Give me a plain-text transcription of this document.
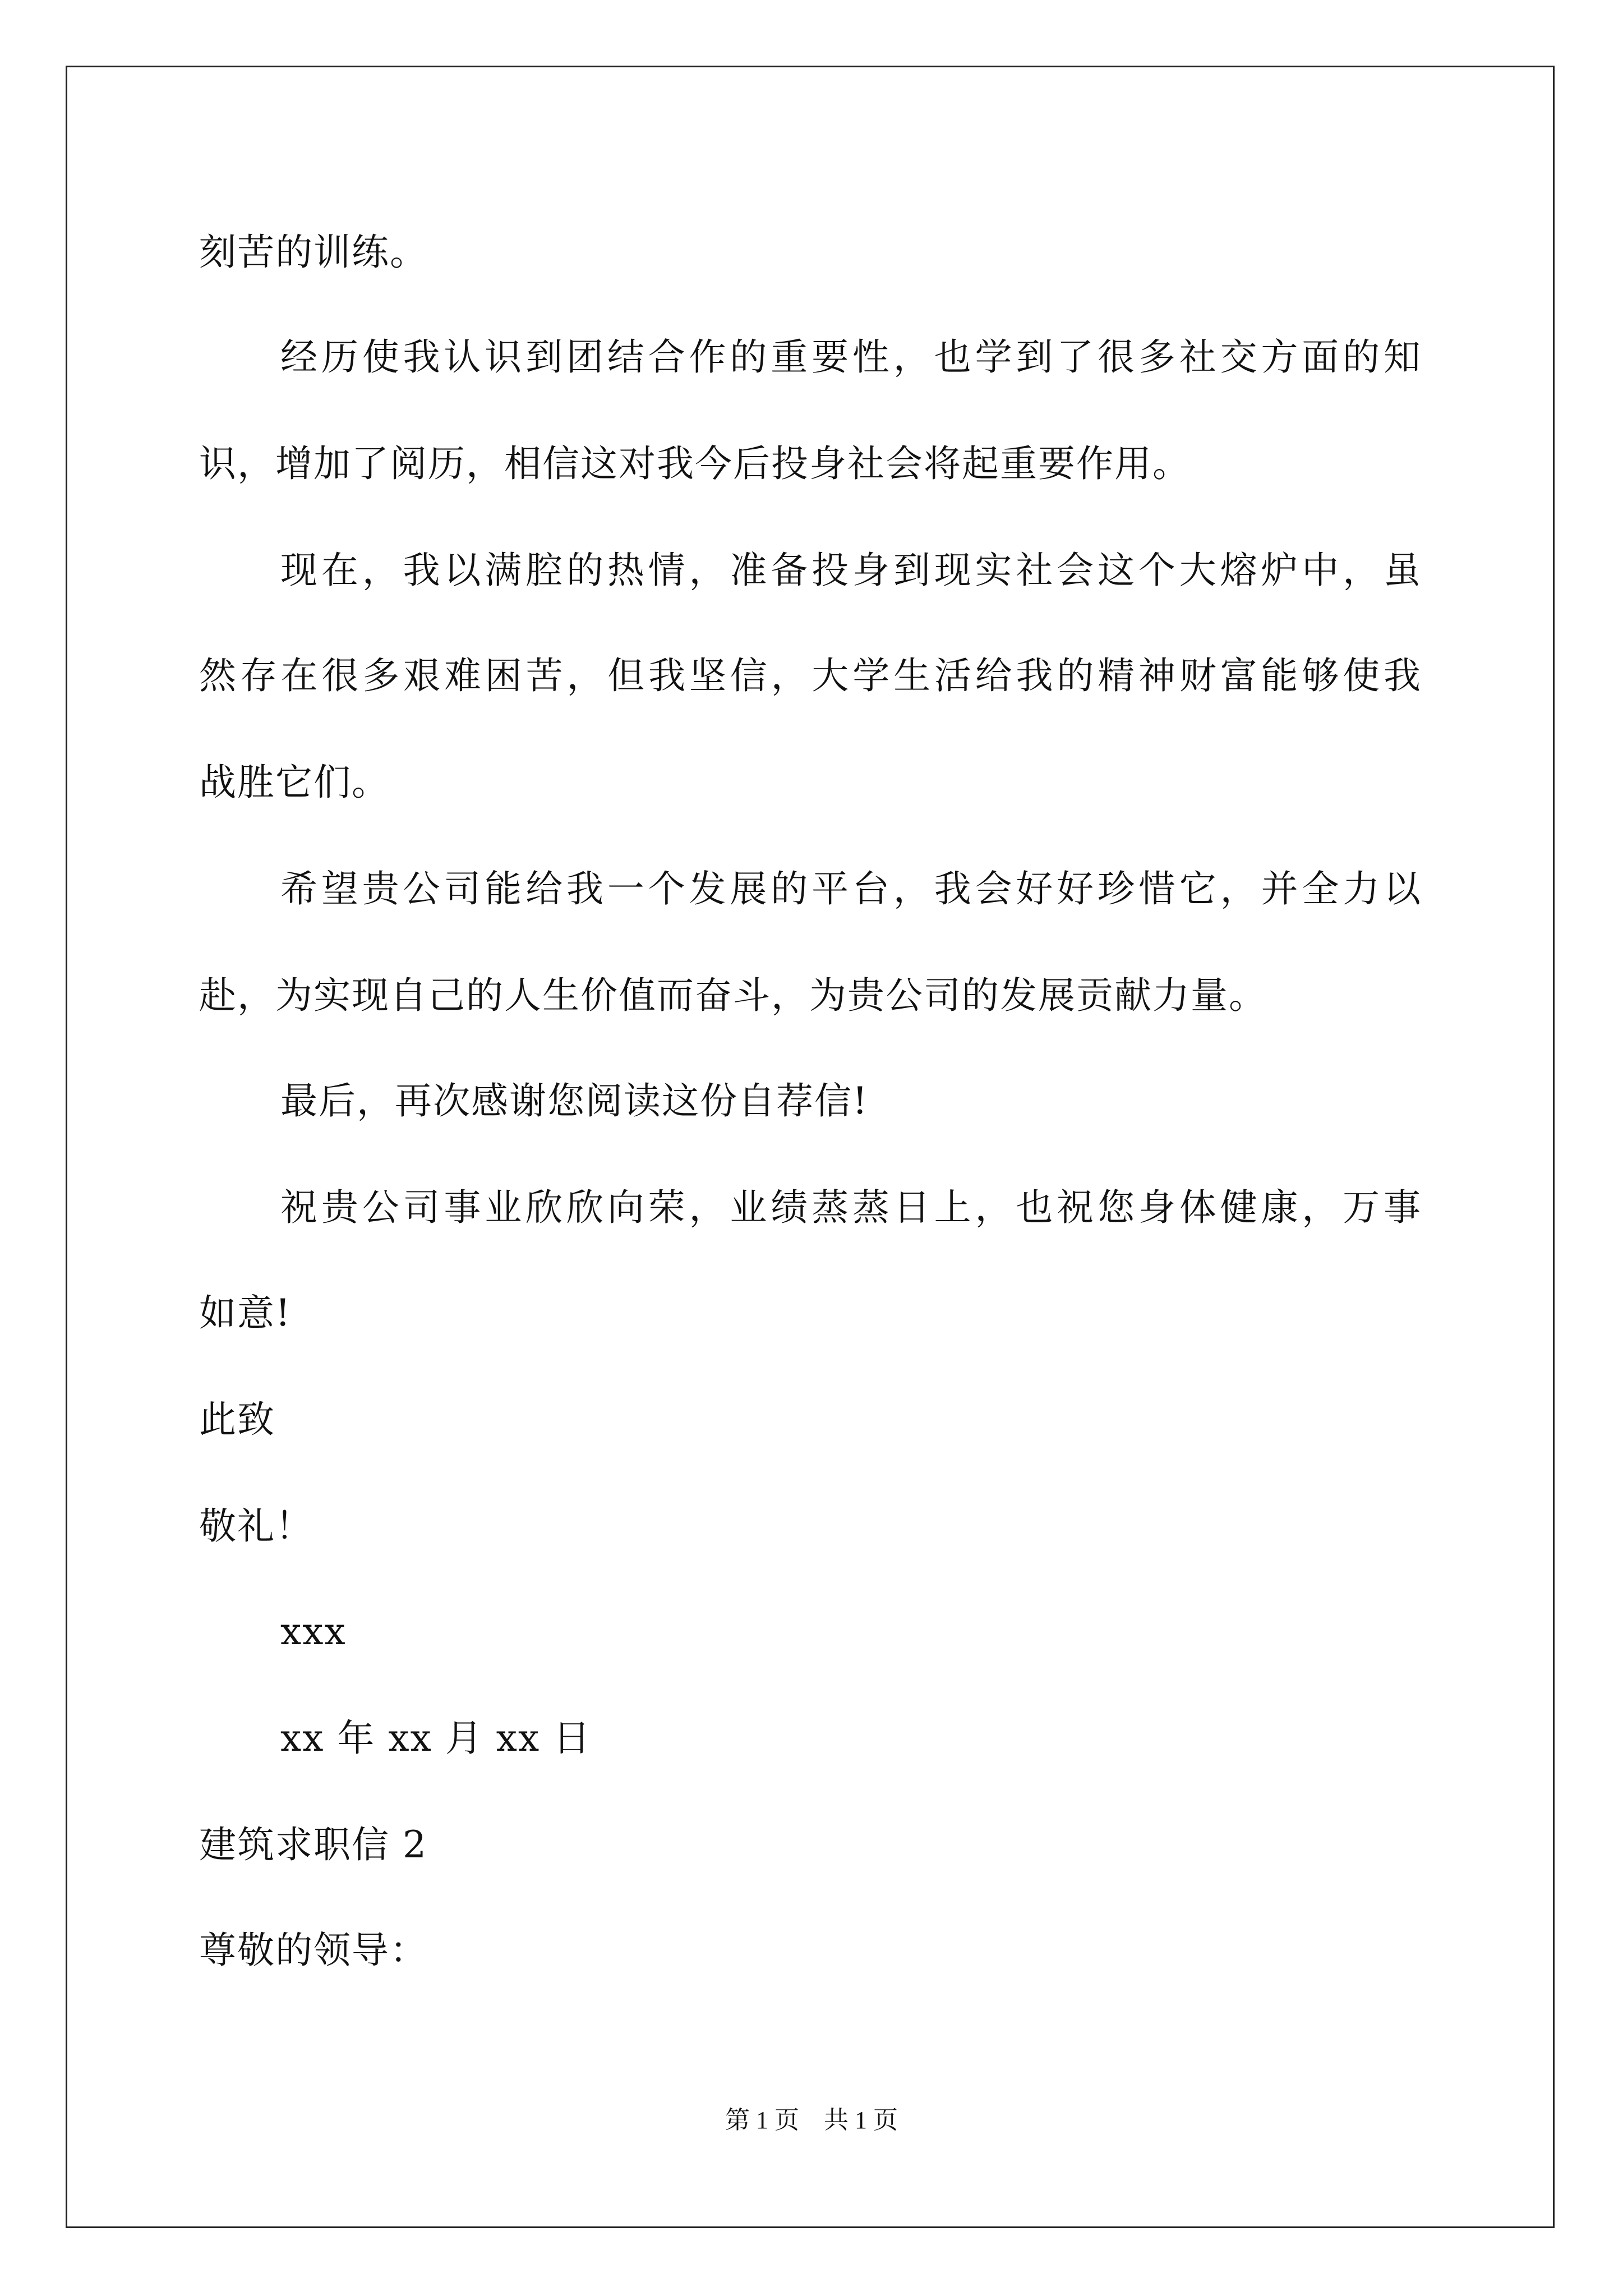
刻苦的训练。
经历使我认识到团结合作的重要性，也学到了很多社交方面的知
识，增加了阅历，相信这对我今后投身社会将起重要作用。
现在，我以满腔的热情，准备投身到现实社会这个大熔炉中，虽
然存在很多艰难困苦，但我坚信，大学生活给我的精神财富能够使我
战胜它们。
希望贵公司能给我一个发展的平台，我会好好珍惜它，并全力以
赴，为实现自己的人生价值而奋斗，为贵公司的发展贡献力量。
最后，再次感谢您阅读这份自荐信!
祝贵公司事业欣欣向荣，业绩蒸蒸日上，也祝您身体健康，万事
如意!
此致
敬礼！
xxx
xx 年 xx 月 xx 日
建筑求职信 2
尊敬的领导：
第 1 页　共 1 页
